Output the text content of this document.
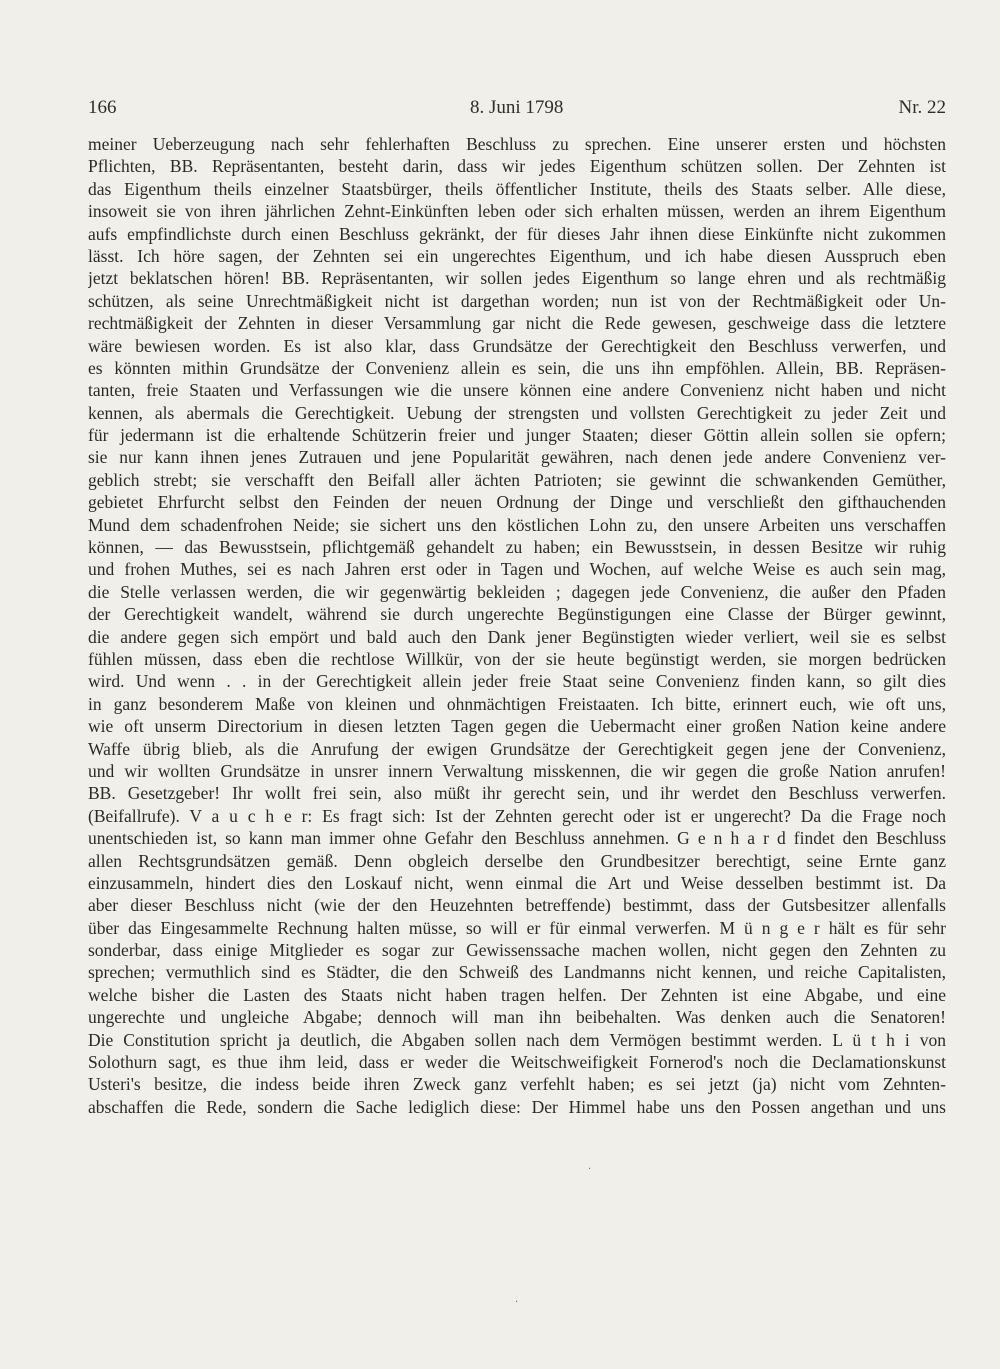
166	8. Juni 1798	Nr. 22
meiner Ueberzeugung nach sehr fehlerhaften Beschluss zu sprechen. Eine unserer ersten und höchsten
Pflichten, BB. Repräsentanten, besteht darin, dass wir jedes Eigenthum schützen sollen. Der Zehnten ist
das Eigenthum theils einzelner Staatsbürger, theils öffentlicher Institute, theils des Staats selber. Alle diese,
insoweit sie von ihren jährlichen Zehnt-Einkünften leben oder sich erhalten müssen, werden an ihrem Eigenthum
aufs empfindlichste durch einen Beschluss gekränkt, der für dieses Jahr ihnen diese Einkünfte nicht zukommen
lässt. Ich höre sagen, der Zehnten sei ein ungerechtes Eigenthum, und ich habe diesen Ausspruch eben
jetzt beklatschen hören! BB. Repräsentanten, wir sollen jedes Eigenthum so lange ehren und als rechtmäßig
schützen, als seine Unrechtmäßigkeit nicht ist dargethan worden; nun ist von der Rechtmäßigkeit oder Un-
rechtmäßigkeit der Zehnten in dieser Versammlung gar nicht die Rede gewesen, geschweige dass die letztere
wäre bewiesen worden. Es ist also klar, dass Grundsätze der Gerechtigkeit den Beschluss verwerfen, und
es könnten mithin Grundsätze der Convenienz allein es sein, die uns ihn empföhlen. Allein, BB. Repräsen-
tanten, freie Staaten und Verfassungen wie die unsere können eine andere Convenienz nicht haben und nicht
kennen, als abermals die Gerechtigkeit. Uebung der strengsten und vollsten Gerechtigkeit zu jeder Zeit und
für jedermann ist die erhaltende Schützerin freier und junger Staaten; dieser Göttin allein sollen sie opfern;
sie nur kann ihnen jenes Zutrauen und jene Popularität gewähren, nach denen jede andere Convenienz ver-
geblich strebt; sie verschafft den Beifall aller ächten Patrioten; sie gewinnt die schwankenden Gemüther,
gebietet Ehrfurcht selbst den Feinden der neuen Ordnung der Dinge und verschließt den gifthauchenden
Mund dem schadenfrohen Neide; sie sichert uns den köstlichen Lohn zu, den unsere Arbeiten uns verschaffen
können, — das Bewusstsein, pflichtgemäß gehandelt zu haben; ein Bewusstsein, in dessen Besitze wir ruhig
und frohen Muthes, sei es nach Jahren erst oder in Tagen und Wochen, auf welche Weise es auch sein mag,
die Stelle verlassen werden, die wir gegenwärtig bekleiden ; dagegen jede Convenienz, die außer den Pfaden
der Gerechtigkeit wandelt, während sie durch ungerechte Begünstigungen eine Classe der Bürger gewinnt,
die andere gegen sich empört und bald auch den Dank jener Begünstigten wieder verliert, weil sie es selbst
fühlen müssen, dass eben die rechtlose Willkür, von der sie heute begünstigt werden, sie morgen bedrücken
wird. Und wenn . . in der Gerechtigkeit allein jeder freie Staat seine Convenienz finden kann, so gilt dies
in ganz besonderem Maße von kleinen und ohnmächtigen Freistaaten. Ich bitte, erinnert euch, wie oft uns,
wie oft unserm Directorium in diesen letzten Tagen gegen die Uebermacht einer großen Nation keine andere
Waffe übrig blieb, als die Anrufung der ewigen Grundsätze der Gerechtigkeit gegen jene der Convenienz,
und wir wollten Grundsätze in unsrer innern Verwaltung misskennen, die wir gegen die große Nation anrufen!
BB. Gesetzgeber! Ihr wollt frei sein, also müßt ihr gerecht sein, und ihr werdet den Beschluss verwerfen.
(Beifallrufe). V a u c h e r: Es fragt sich: Ist der Zehnten gerecht oder ist er ungerecht? Da die Frage noch
unentschieden ist, so kann man immer ohne Gefahr den Beschluss annehmen. G e n h a r d findet den Beschluss
allen Rechtsgrundsätzen gemäß. Denn obgleich derselbe den Grundbesitzer berechtigt, seine Ernte ganz
einzusammeln, hindert dies den Loskauf nicht, wenn einmal die Art und Weise desselben bestimmt ist. Da
aber dieser Beschluss nicht (wie der den Heuzehnten betreffende) bestimmt, dass der Gutsbesitzer allenfalls
über das Eingesammelte Rechnung halten müsse, so will er für einmal verwerfen. M ü n g e r hält es für sehr
sonderbar, dass einige Mitglieder es sogar zur Gewissenssache machen wollen, nicht gegen den Zehnten zu
sprechen; vermuthlich sind es Städter, die den Schweiß des Landmanns nicht kennen, und reiche Capitalisten,
welche bisher die Lasten des Staats nicht haben tragen helfen. Der Zehnten ist eine Abgabe, und eine
ungerechte und ungleiche Abgabe; dennoch will man ihn beibehalten. Was denken auch die Senatoren!
Die Constitution spricht ja deutlich, die Abgaben sollen nach dem Vermögen bestimmt werden. L ü t h i von
Solothurn sagt, es thue ihm leid, dass er weder die Weitschweifigkeit Fornerod's noch die Declamationskunst
Usteri's besitze, die indess beide ihren Zweck ganz verfehlt haben; es sei jetzt (ja) nicht vom Zehnten-
abschaffen die Rede, sondern die Sache lediglich diese: Der Himmel habe uns den Possen angethan und uns
·
·
